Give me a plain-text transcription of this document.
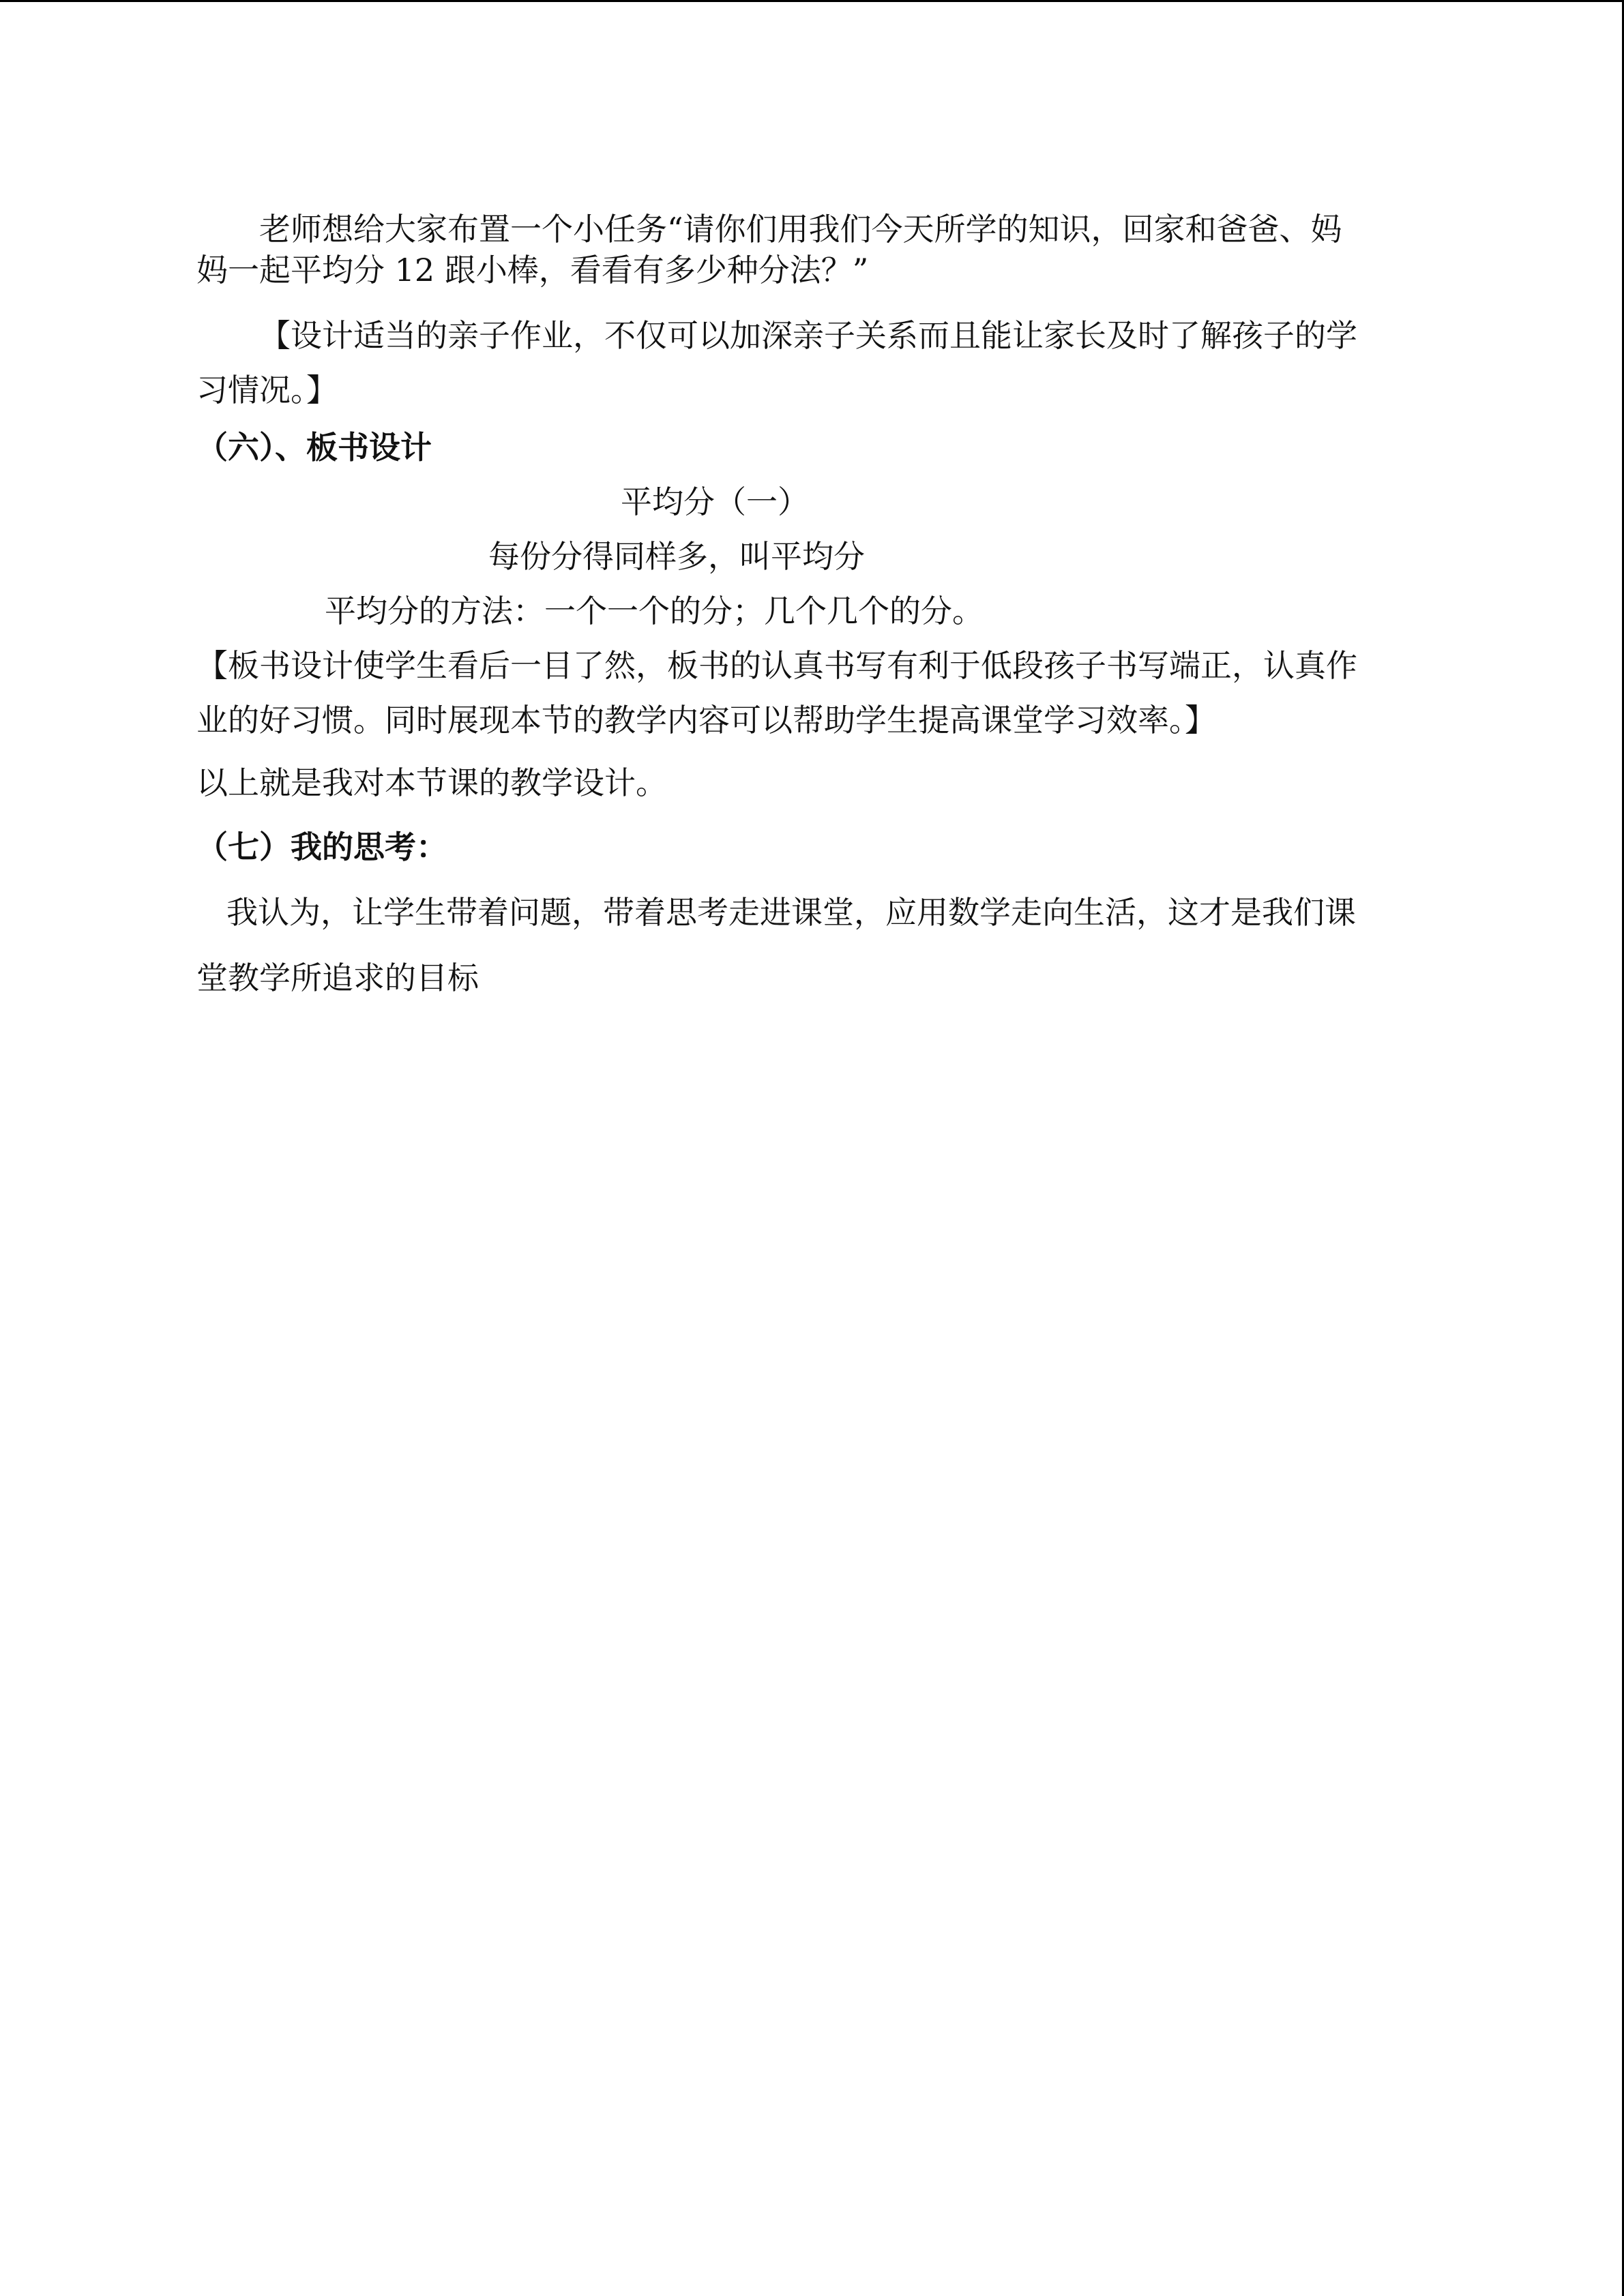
老师想给大家布置一个小任务“请你们用我们今天所学的知识，回家和爸爸、妈
妈一起平均分 12 跟小棒，看看有多少种分法？”
【设计适当的亲子作业，不仅可以加深亲子关系而且能让家长及时了解孩子的学
习情况。】
（六）、板书设计
平均分（一）
每份分得同样多，叫平均分
平均分的方法：一个一个的分；几个几个的分。
【板书设计使学生看后一目了然，板书的认真书写有利于低段孩子书写端正，认真作
业的好习惯。同时展现本节的教学内容可以帮助学生提高课堂学习效率。】
以上就是我对本节课的教学设计。
（七）我的思考：
我认为，让学生带着问题，带着思考走进课堂，应用数学走向生活，这才是我们课
堂教学所追求的目标
